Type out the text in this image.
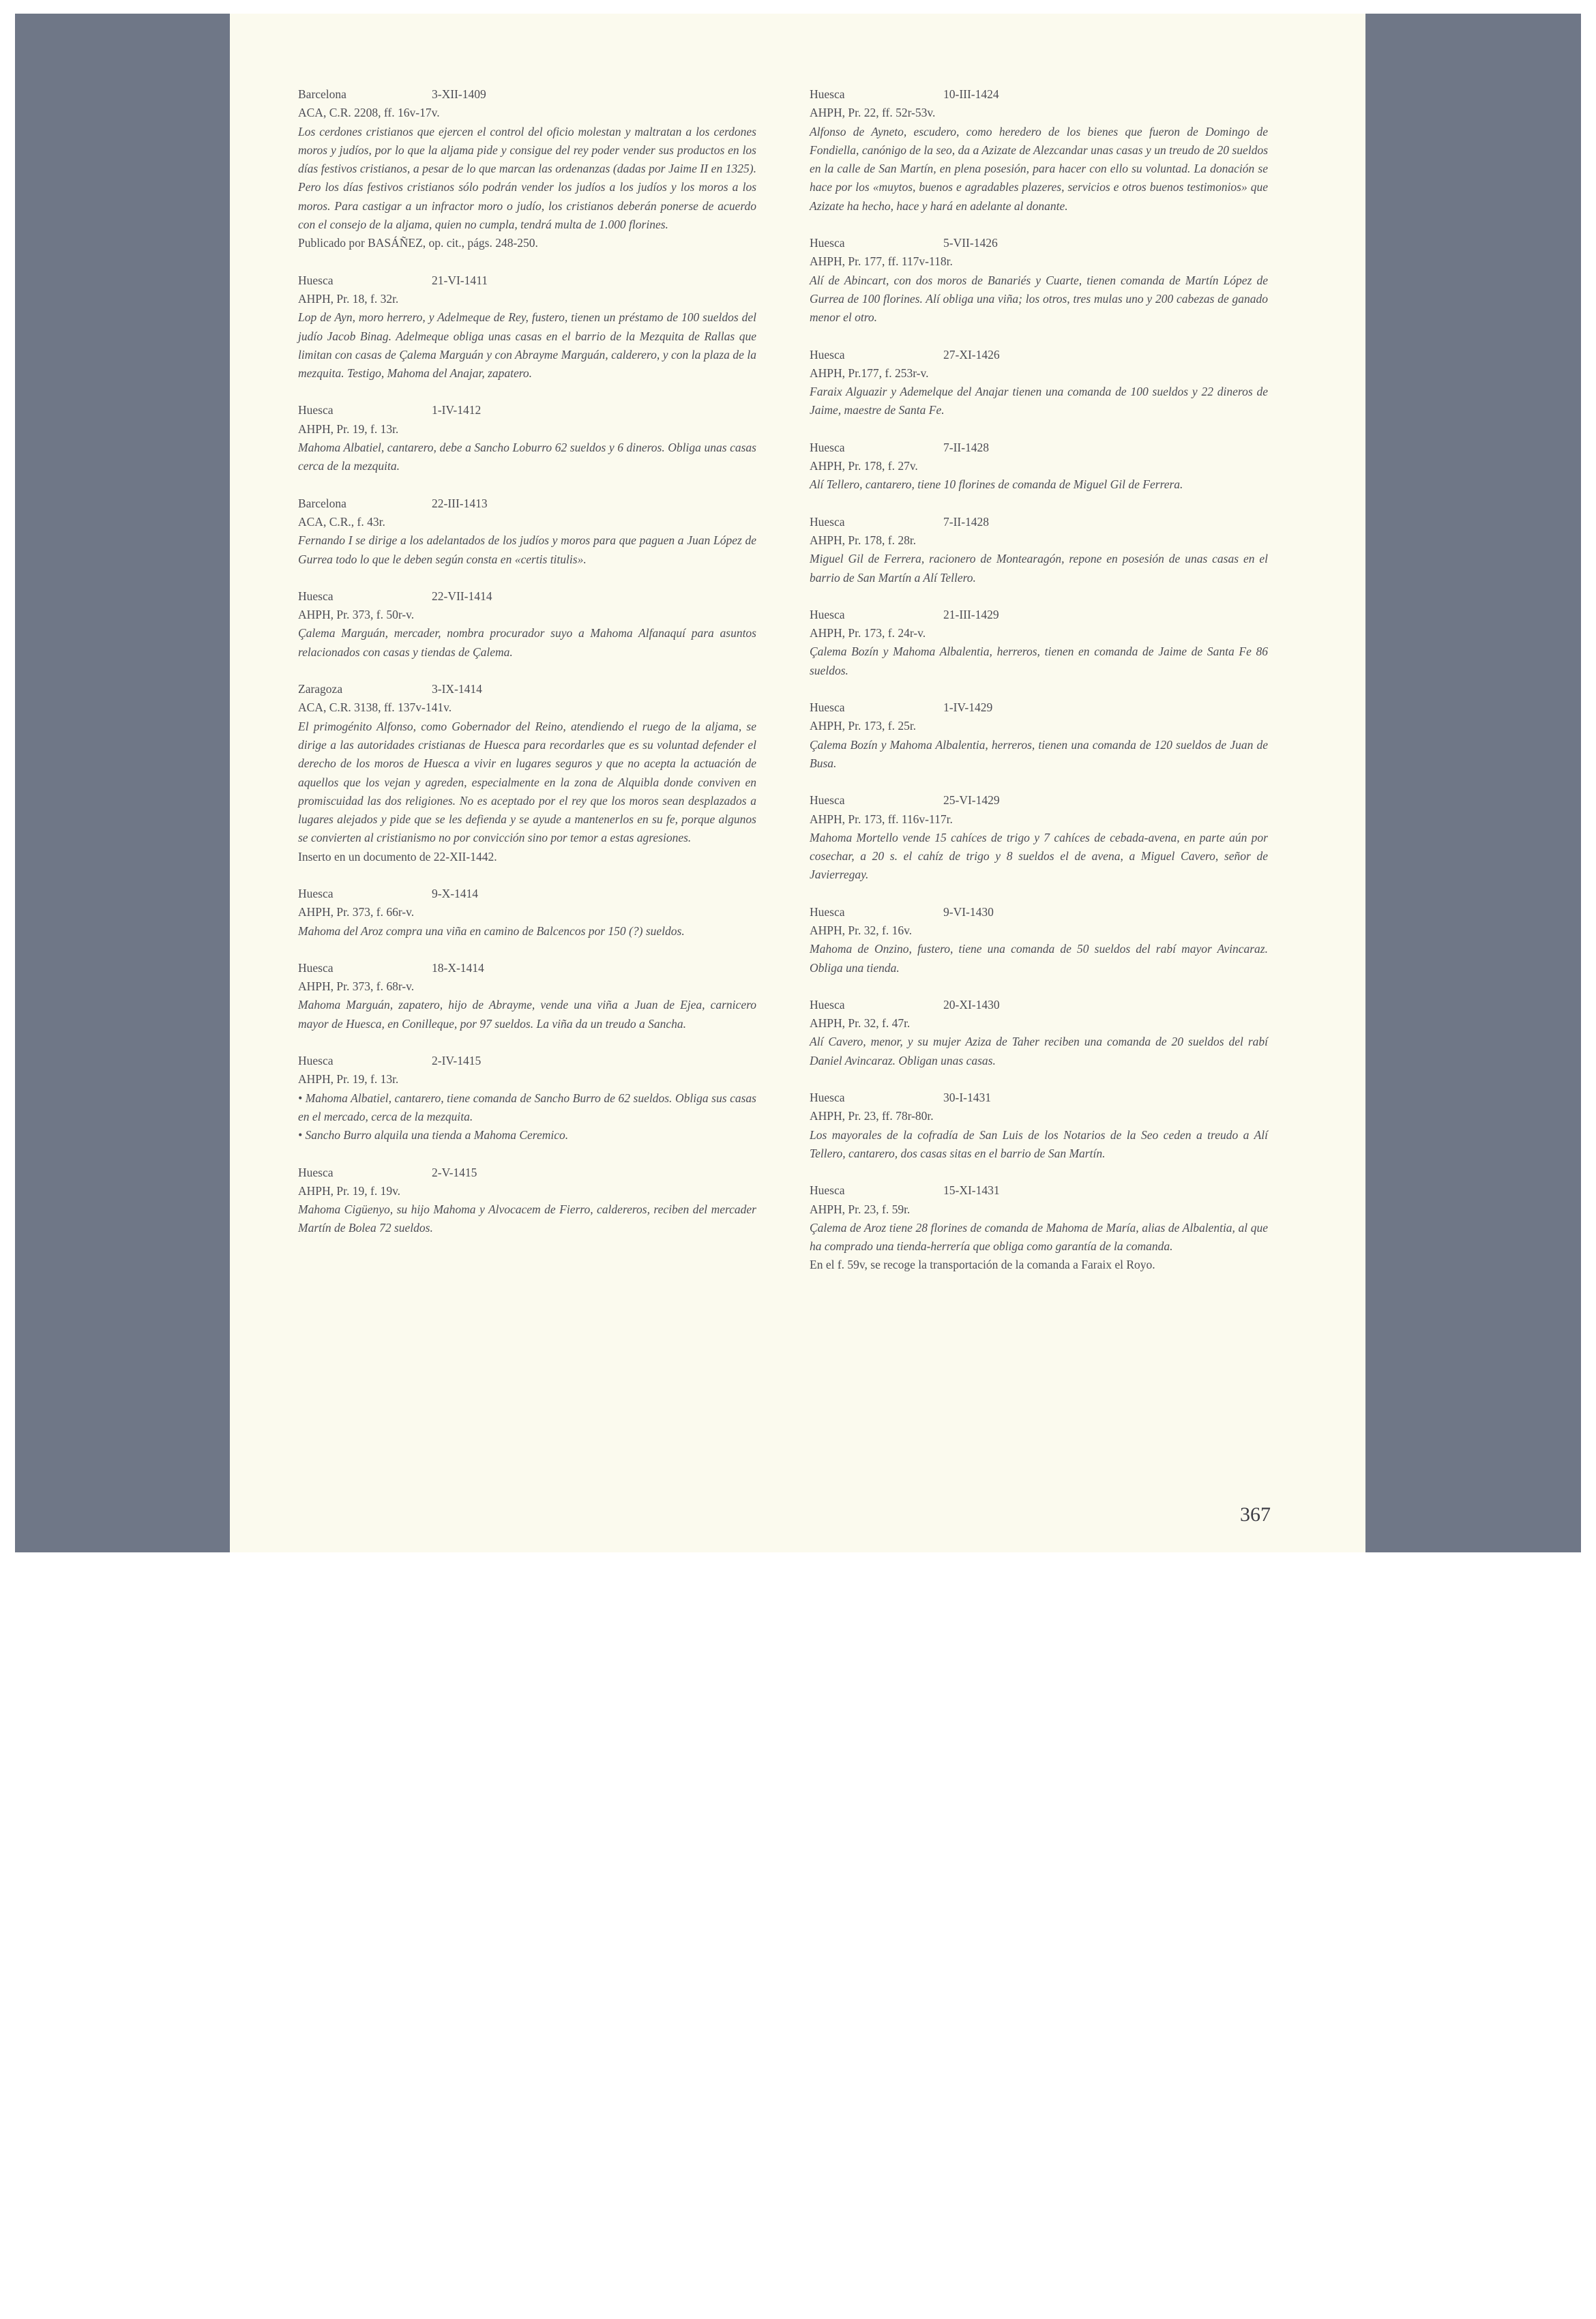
Barcelona	3-XII-1409
ACA, C.R. 2208, ff. 16v-17v.
Los cerdones cristianos que ejercen el control del oficio molestan y maltratan a los cerdones moros y judíos, por lo que la aljama pide y consigue del rey poder vender sus productos en los días festivos cristianos, a pesar de lo que marcan las ordenanzas (dadas por Jaime II en 1325). Pero los días festivos cristianos sólo podrán vender los judíos a los judíos y los moros a los moros. Para castigar a un infractor moro o judío, los cristianos deberán ponerse de acuerdo con el consejo de la aljama, quien no cumpla, tendrá multa de 1.000 florines.
Publicado por BASÁÑEZ, op. cit., págs. 248-250.
Huesca	21-VI-1411
AHPH, Pr. 18, f. 32r.
Lop de Ayn, moro herrero, y Adelmeque de Rey, fustero, tienen un préstamo de 100 sueldos del judío Jacob Binag. Adelmeque obliga unas casas en el barrio de la Mezquita de Rallas que limitan con casas de Çalema Marguán y con Abrayme Marguán, calderero, y con la plaza de la mezquita. Testigo, Mahoma del Anajar, zapatero.
Huesca	1-IV-1412
AHPH, Pr. 19, f. 13r.
Mahoma Albatiel, cantarero, debe a Sancho Loburro 62 sueldos y 6 dineros. Obliga unas casas cerca de la mezquita.
Barcelona	22-III-1413
ACA, C.R., f. 43r.
Fernando I se dirige a los adelantados de los judíos y moros para que paguen a Juan López de Gurrea todo lo que le deben según consta en «certis titulis».
Huesca	22-VII-1414
AHPH, Pr. 373, f. 50r-v.
Çalema Marguán, mercader, nombra procurador suyo a Mahoma Alfanaquí para asuntos relacionados con casas y tiendas de Çalema.
Zaragoza	3-IX-1414
ACA, C.R. 3138, ff. 137v-141v.
El primogénito Alfonso, como Gobernador del Reino, atendiendo el ruego de la aljama, se dirige a las autoridades cristianas de Huesca para recordarles que es su voluntad defender el derecho de los moros de Huesca a vivir en lugares seguros y que no acepta la actuación de aquellos que los vejan y agreden, especialmente en la zona de Alquibla donde conviven en promiscuidad las dos religiones. No es aceptado por el rey que los moros sean desplazados a lugares alejados y pide que se les defienda y se ayude a mantenerlos en su fe, porque algunos se convierten al cristianismo no por convicción sino por temor a estas agresiones.
Inserto en un documento de 22-XII-1442.
Huesca	9-X-1414
AHPH, Pr. 373, f. 66r-v.
Mahoma del Aroz compra una viña en camino de Balcencos por 150 (?) sueldos.
Huesca	18-X-1414
AHPH, Pr. 373, f. 68r-v.
Mahoma Marguán, zapatero, hijo de Abrayme, vende una viña a Juan de Ejea, carnicero mayor de Huesca, en Conilleque, por 97 sueldos. La viña da un treudo a Sancha.
Huesca	2-IV-1415
AHPH, Pr. 19, f. 13r.
• Mahoma Albatiel, cantarero, tiene comanda de Sancho Burro de 62 sueldos. Obliga sus casas en el mercado, cerca de la mezquita.
• Sancho Burro alquila una tienda a Mahoma Ceremico.
Huesca	2-V-1415
AHPH, Pr. 19, f. 19v.
Mahoma Cigüenyo, su hijo Mahoma y Alvocacem de Fierro, caldereros, reciben del mercader Martín de Bolea 72 sueldos.
Huesca	10-III-1424
AHPH, Pr. 22, ff. 52r-53v.
Alfonso de Ayneto, escudero, como heredero de los bienes que fueron de Domingo de Fondiella, canónigo de la seo, da a Azizate de Alezcandar unas casas y un treudo de 20 sueldos en la calle de San Martín, en plena posesión, para hacer con ello su voluntad. La donación se hace por los «muytos, buenos e agradables plazeres, servicios e otros buenos testimonios» que Azizate ha hecho, hace y hará en adelante al donante.
Huesca	5-VII-1426
AHPH, Pr. 177, ff. 117v-118r.
Alí de Abincart, con dos moros de Banariés y Cuarte, tienen comanda de Martín López de Gurrea de 100 florines. Alí obliga una viña; los otros, tres mulas uno y 200 cabezas de ganado menor el otro.
Huesca	27-XI-1426
AHPH, Pr.177, f. 253r-v.
Faraix Alguazir y Ademelque del Anajar tienen una comanda de 100 sueldos y 22 dineros de Jaime, maestre de Santa Fe.
Huesca	7-II-1428
AHPH, Pr. 178, f. 27v.
Alí Tellero, cantarero, tiene 10 florines de comanda de Miguel Gil de Ferrera.
Huesca	7-II-1428
AHPH, Pr. 178, f. 28r.
Miguel Gil de Ferrera, racionero de Montearagón, repone en posesión de unas casas en el barrio de San Martín a Alí Tellero.
Huesca	21-III-1429
AHPH, Pr. 173, f. 24r-v.
Çalema Bozín y Mahoma Albalentia, herreros, tienen en comanda de Jaime de Santa Fe 86 sueldos.
Huesca	1-IV-1429
AHPH, Pr. 173, f. 25r.
Çalema Bozín y Mahoma Albalentia, herreros, tienen una comanda de 120 sueldos de Juan de Busa.
Huesca	25-VI-1429
AHPH, Pr. 173, ff. 116v-117r.
Mahoma Mortello vende 15 cahíces de trigo y 7 cahíces de cebada-avena, en parte aún por cosechar, a 20 s. el cahíz de trigo y 8 sueldos el de avena, a Miguel Cavero, señor de Javierregay.
Huesca	9-VI-1430
AHPH, Pr. 32, f. 16v.
Mahoma de Onzino, fustero, tiene una comanda de 50 sueldos del rabí mayor Avincaraz. Obliga una tienda.
Huesca	20-XI-1430
AHPH, Pr. 32, f. 47r.
Alí Cavero, menor, y su mujer Aziza de Taher reciben una comanda de 20 sueldos del rabí Daniel Avincaraz. Obligan unas casas.
Huesca	30-I-1431
AHPH, Pr. 23, ff. 78r-80r.
Los mayorales de la cofradía de San Luis de los Notarios de la Seo ceden a treudo a Alí Tellero, cantarero, dos casas sitas en el barrio de San Martín.
Huesca	15-XI-1431
AHPH, Pr. 23, f. 59r.
Çalema de Aroz tiene 28 florines de comanda de Mahoma de María, alias de Albalentia, al que ha comprado una tienda-herrería que obliga como garantía de la comanda.
En el f. 59v, se recoge la transportación de la comanda a Faraix el Royo.
367
